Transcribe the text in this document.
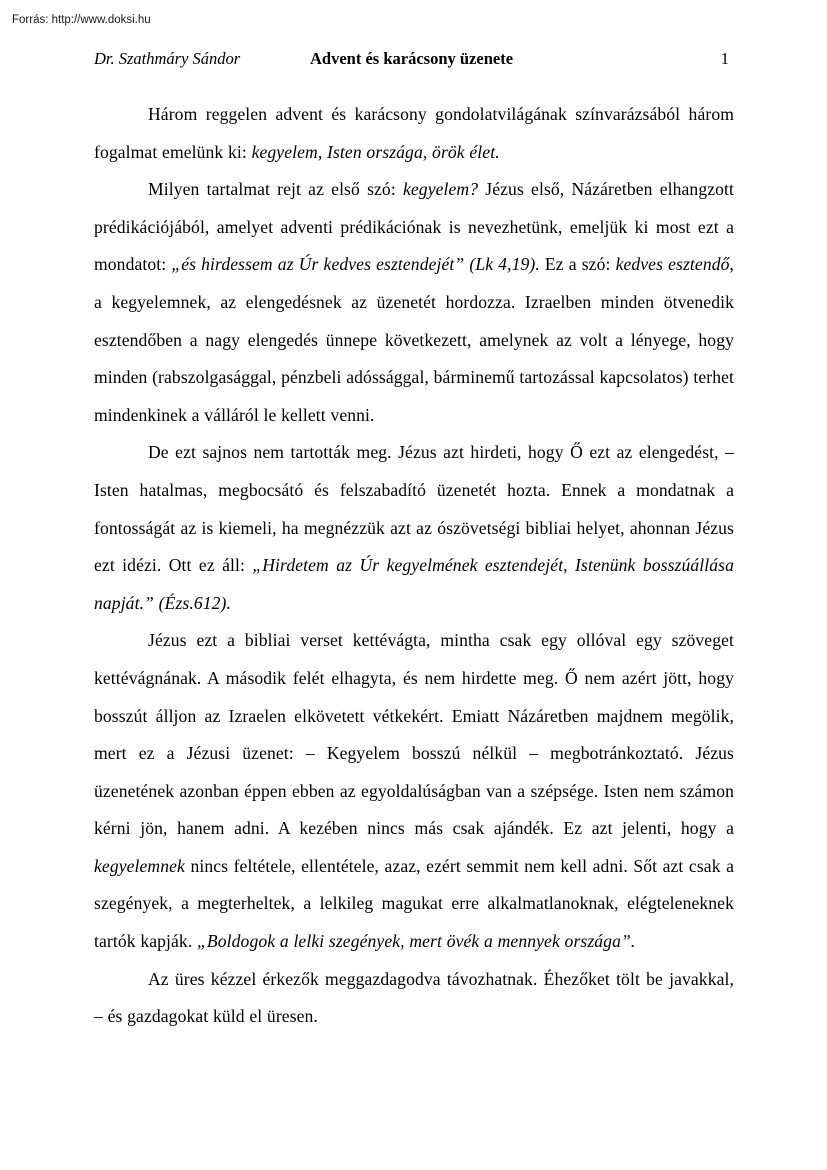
Forrás: http://www.doksi.hu
Dr. Szathmáry Sándor	Advent és karácsony üzenete	1

Három reggelen advent és karácsony gondolatvilágának színvarázsából három fogalmat emelünk ki: kegyelem, Isten országa, örök élet.

Milyen tartalmat rejt az első szó: kegyelem? Jézus első, Názáretben elhangzott prédikációjából, amelyet adventi prédikációnak is nevezhetünk, emeljük ki most ezt a mondatot: „és hirdessem az Úr kedves esztendejét” (Lk 4,19). Ez a szó: kedves esztendő, a kegyelemnek, az elengedésnek az üzenetét hordozza. Izraelben minden ötvenedik esztendőben a nagy elengedés ünnepe következett, amelynek az volt a lényege, hogy minden (rabszolgasággal, pénzbeli adóssággal, bárminemű tartozással kapcsolatos) terhet mindenkinek a válláról le kellett venni.

De ezt sajnos nem tartották meg. Jézus azt hirdeti, hogy Ő ezt az elengedést, – Isten hatalmas, megbocsátó és felszabadító üzenetét hozta. Ennek a mondatnak a fontosságát az is kiemeli, ha megnézzük azt az ószövetségi bibliai helyet, ahonnan Jézus ezt idézi. Ott ez áll: „Hirdetem az Úr kegyelmének esztendejét, Istenünk bosszúállása napját.” (Ézs.612).

Jézus ezt a bibliai verset kettévágta, mintha csak egy ollóval egy szöveget kettévágnának. A második felét elhagyta, és nem hirdette meg. Ő nem azért jött, hogy bosszút álljon az Izraelen elkövetett vétkekért. Emiatt Názáretben majdnem megölik, mert ez a Jézusi üzenet: – Kegyelem bosszú nélkül – megbotránkoztató. Jézus üzenetének azonban éppen ebben az egyoldalúságban van a szépsége. Isten nem számon kérni jön, hanem adni. A kezében nincs más csak ajándék. Ez azt jelenti, hogy a kegyelemnek nincs feltétele, ellentétele, azaz, ezért semmit nem kell adni. Sőt azt csak a szegények, a megterheltek, a lelkileg magukat erre alkalmatlanoknak, elégteleneknek tartók kapják. „Boldogok a lelki szegények, mert övék a mennyek országa”.

Az üres kézzel érkezők meggazdagodva távozhatnak. Éhezőket tölt be javakkal, – és gazdagokat küld el üresen.
